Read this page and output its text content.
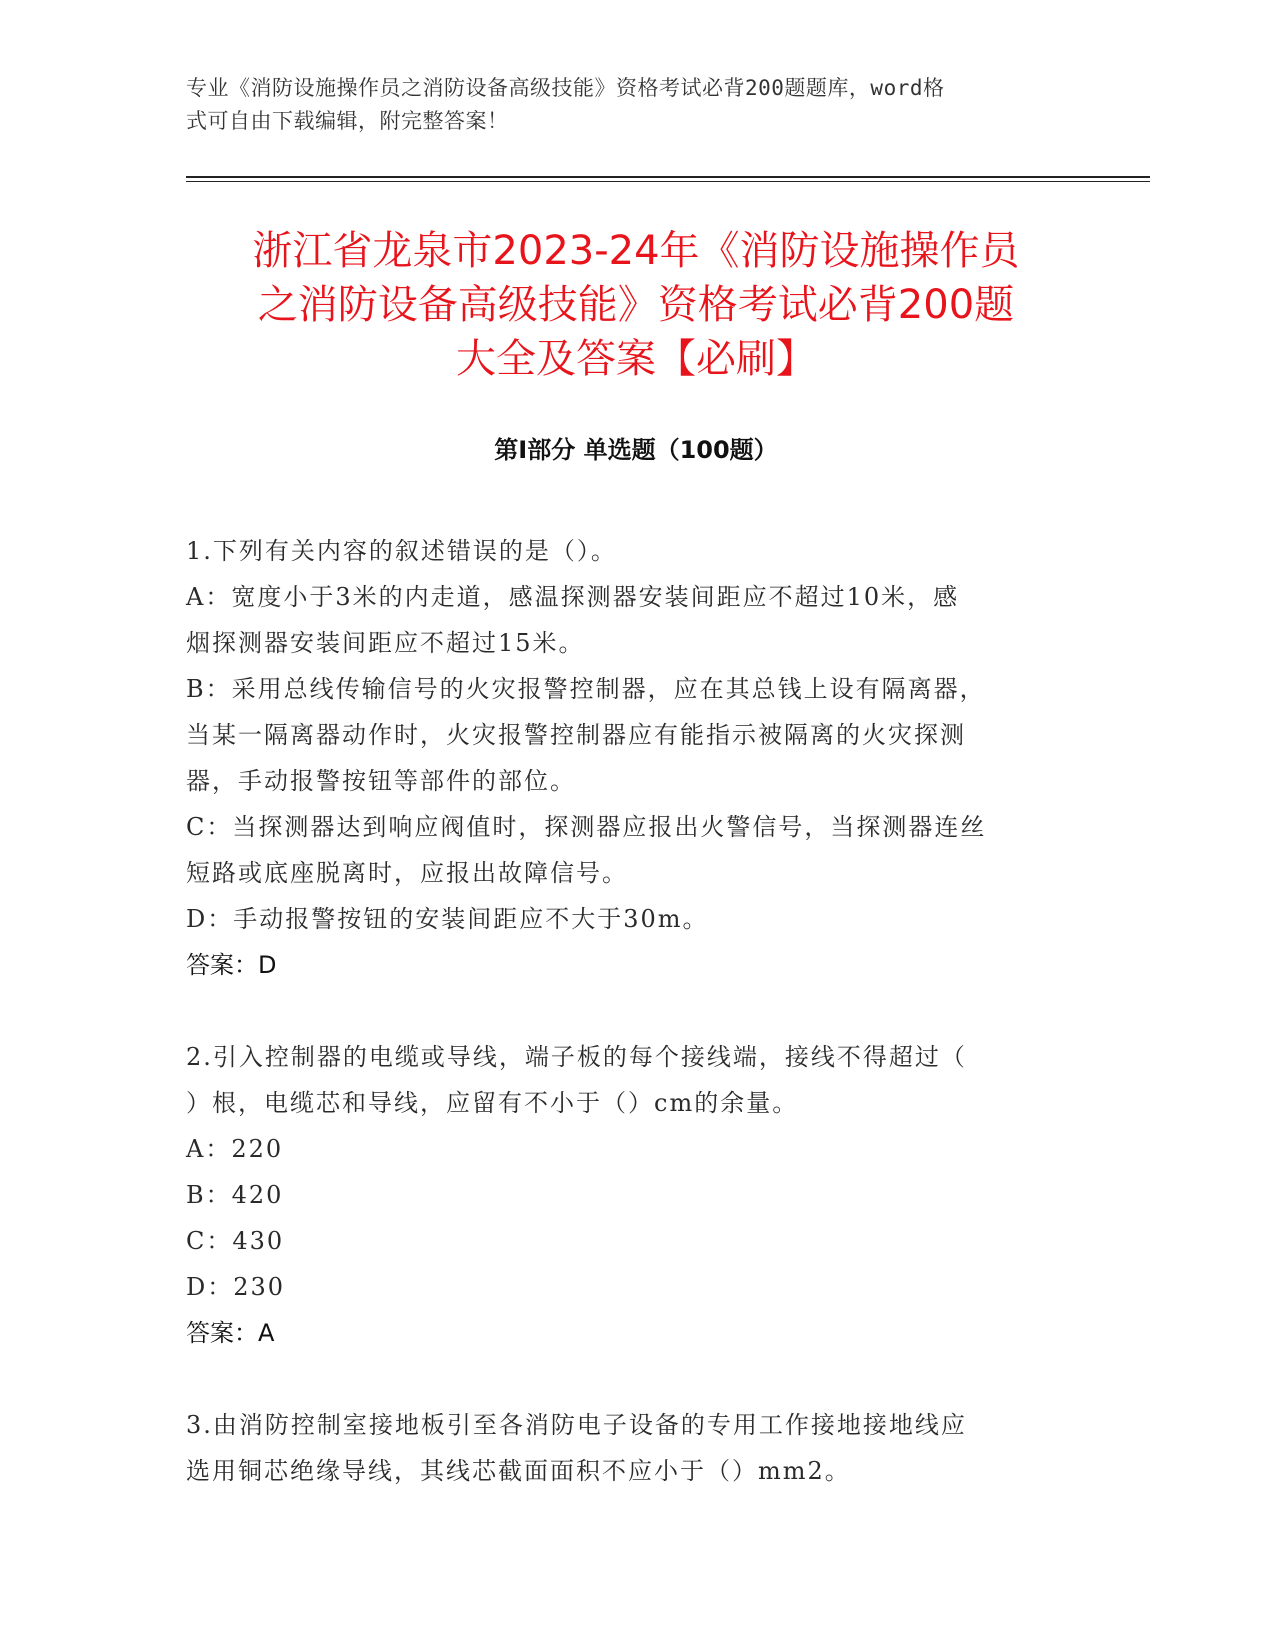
专业《消防设施操作员之消防设备高级技能》资格考试必背200题题库，word格
式可自由下载编辑，附完整答案！
浙江省龙泉市2023-24年《消防设施操作员
之消防设备高级技能》资格考试必背200题
大全及答案【必刷】
第Ⅰ部分 单选题（100题）
1.下列有关内容的叙述错误的是（）。
A：宽度小于3米的内走道，感温探测器安装间距应不超过10米，感
烟探测器安装间距应不超过15米。
B：采用总线传输信号的火灾报警控制器，应在其总钱上设有隔离器，
当某一隔离器动作时，火灾报警控制器应有能指示被隔离的火灾探测
器，手动报警按钮等部件的部位。
C：当探测器达到响应阀值时，探测器应报出火警信号，当探测器连丝
短路或底座脱离时，应报出故障信号。
D：手动报警按钮的安装间距应不大于30m。
答案：D
2.引入控制器的电缆或导线，端子板的每个接线端，接线不得超过（
）根，电缆芯和导线，应留有不小于（）cm的余量。
A：220
B：420
C：430
D：230
答案：A
3.由消防控制室接地板引至各消防电子设备的专用工作接地接地线应
选用铜芯绝缘导线，其线芯截面面积不应小于（）mm2。
